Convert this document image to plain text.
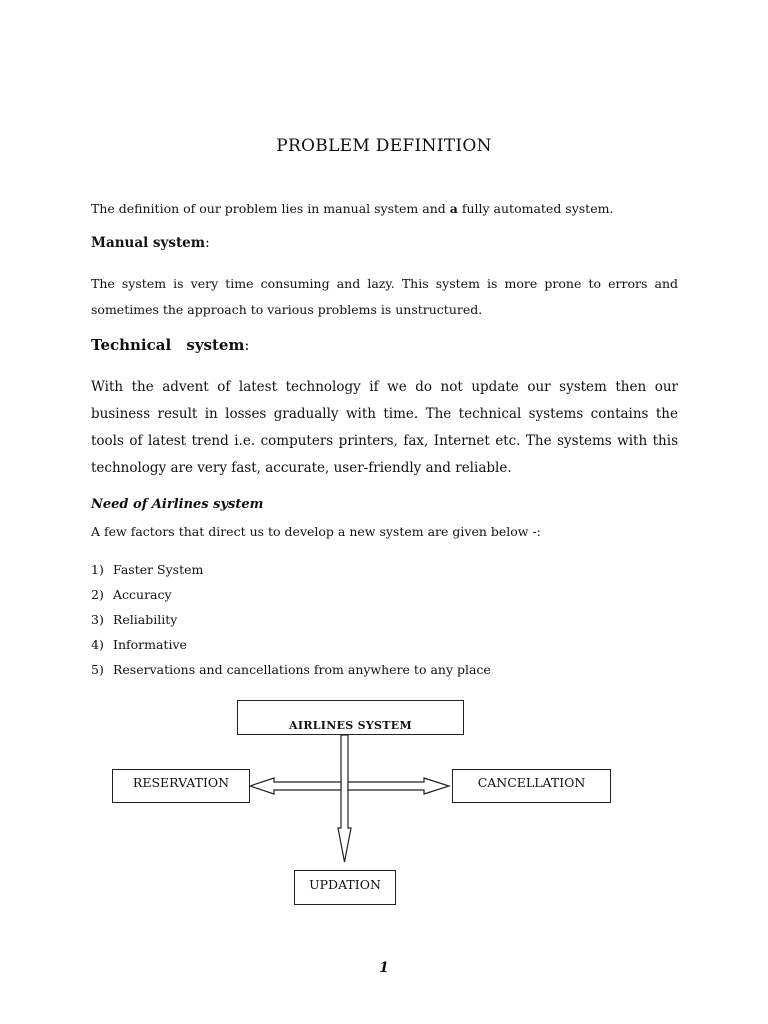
PROBLEM DEFINITION
The definition of our problem lies in manual system and a fully automated system.
Manual system:
The system is very time consuming and lazy. This system is more prone to errors and sometimes the approach to various problems is unstructured.
Technical system:
With the advent of latest technology if we do not update our system then our business result in losses gradually with time. The technical systems contains the tools of latest trend i.e. computers printers, fax, Internet etc. The systems with this technology are very fast, accurate, user-friendly and reliable.
Need of Airlines system
A few factors that direct us to develop a new system are given below -:
1) Faster System
2) Accuracy
3) Reliability
4) Informative
5) Reservations and cancellations from anywhere to any place
AIRLINES SYSTEM
RESERVATION	CANCELLATION
UPDATION
1
